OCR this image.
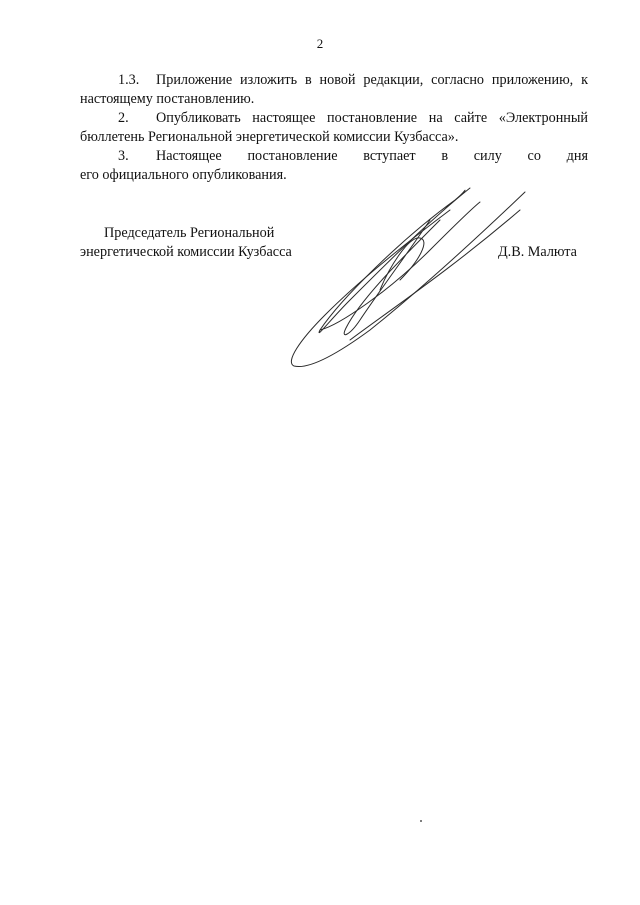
2
1.3. Приложение изложить в новой редакции, согласно приложению, к
настоящему постановлению.
2. Опубликовать настоящее постановление на сайте «Электронный
бюллетень Региональной энергетической комиссии Кузбасса».
3. Настоящее постановление вступает в силу со дня
его официального опубликования.
Председатель Региональной
энергетической комиссии Кузбасса	Д.В. Малюта
